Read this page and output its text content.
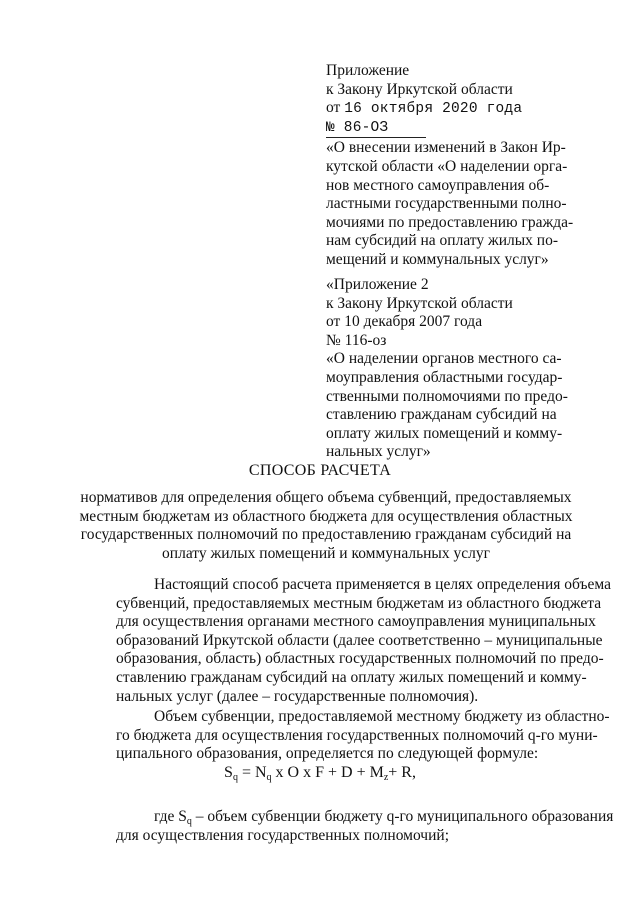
Приложение
к Закону Иркутской области
от 16 октября 2020 года
№ 86-ОЗ
«О внесении изменений в Закон Ир-
кутской области «О наделении орга-
нов местного самоуправления об-
ластными государственными полно-
мочиями по предоставлению гражда-
нам субсидий на оплату жилых по-
мещений и коммунальных услуг»
«Приложение 2
к Закону Иркутской области
от 10 декабря 2007 года
№ 116-оз
«О наделении органов местного са-
моуправления областными государ-
ственными полномочиями по предо-
ставлению гражданам субсидий на
оплату жилых помещений и комму-
нальных услуг»
СПОСОБ РАСЧЕТА
нормативов для определения общего объема субвенций, предоставляемых
местным бюджетам из областного бюджета для осуществления областных
государственных полномочий по предоставлению гражданам субсидий на
оплату жилых помещений и коммунальных услуг
Настоящий способ расчета применяется в целях определения объема
субвенций, предоставляемых местным бюджетам из областного бюджета
для осуществления органами местного самоуправления муниципальных
образований Иркутской области (далее соответственно – муниципальные
образования, область) областных государственных полномочий по предо-
ставлению гражданам субсидий на оплату жилых помещений и комму-
нальных услуг (далее – государственные полномочия).
Объем субвенции, предоставляемой местному бюджету из областно-
го бюджета для осуществления государственных полномочий q-го муни-
ципального образования, определяется по следующей формуле:
$S_q = N_q$ x O x $F + D + M_z+ R$,
где $S_q$ – объем субвенции бюджету q-го муниципального образования
для осуществления государственных полномочий;
